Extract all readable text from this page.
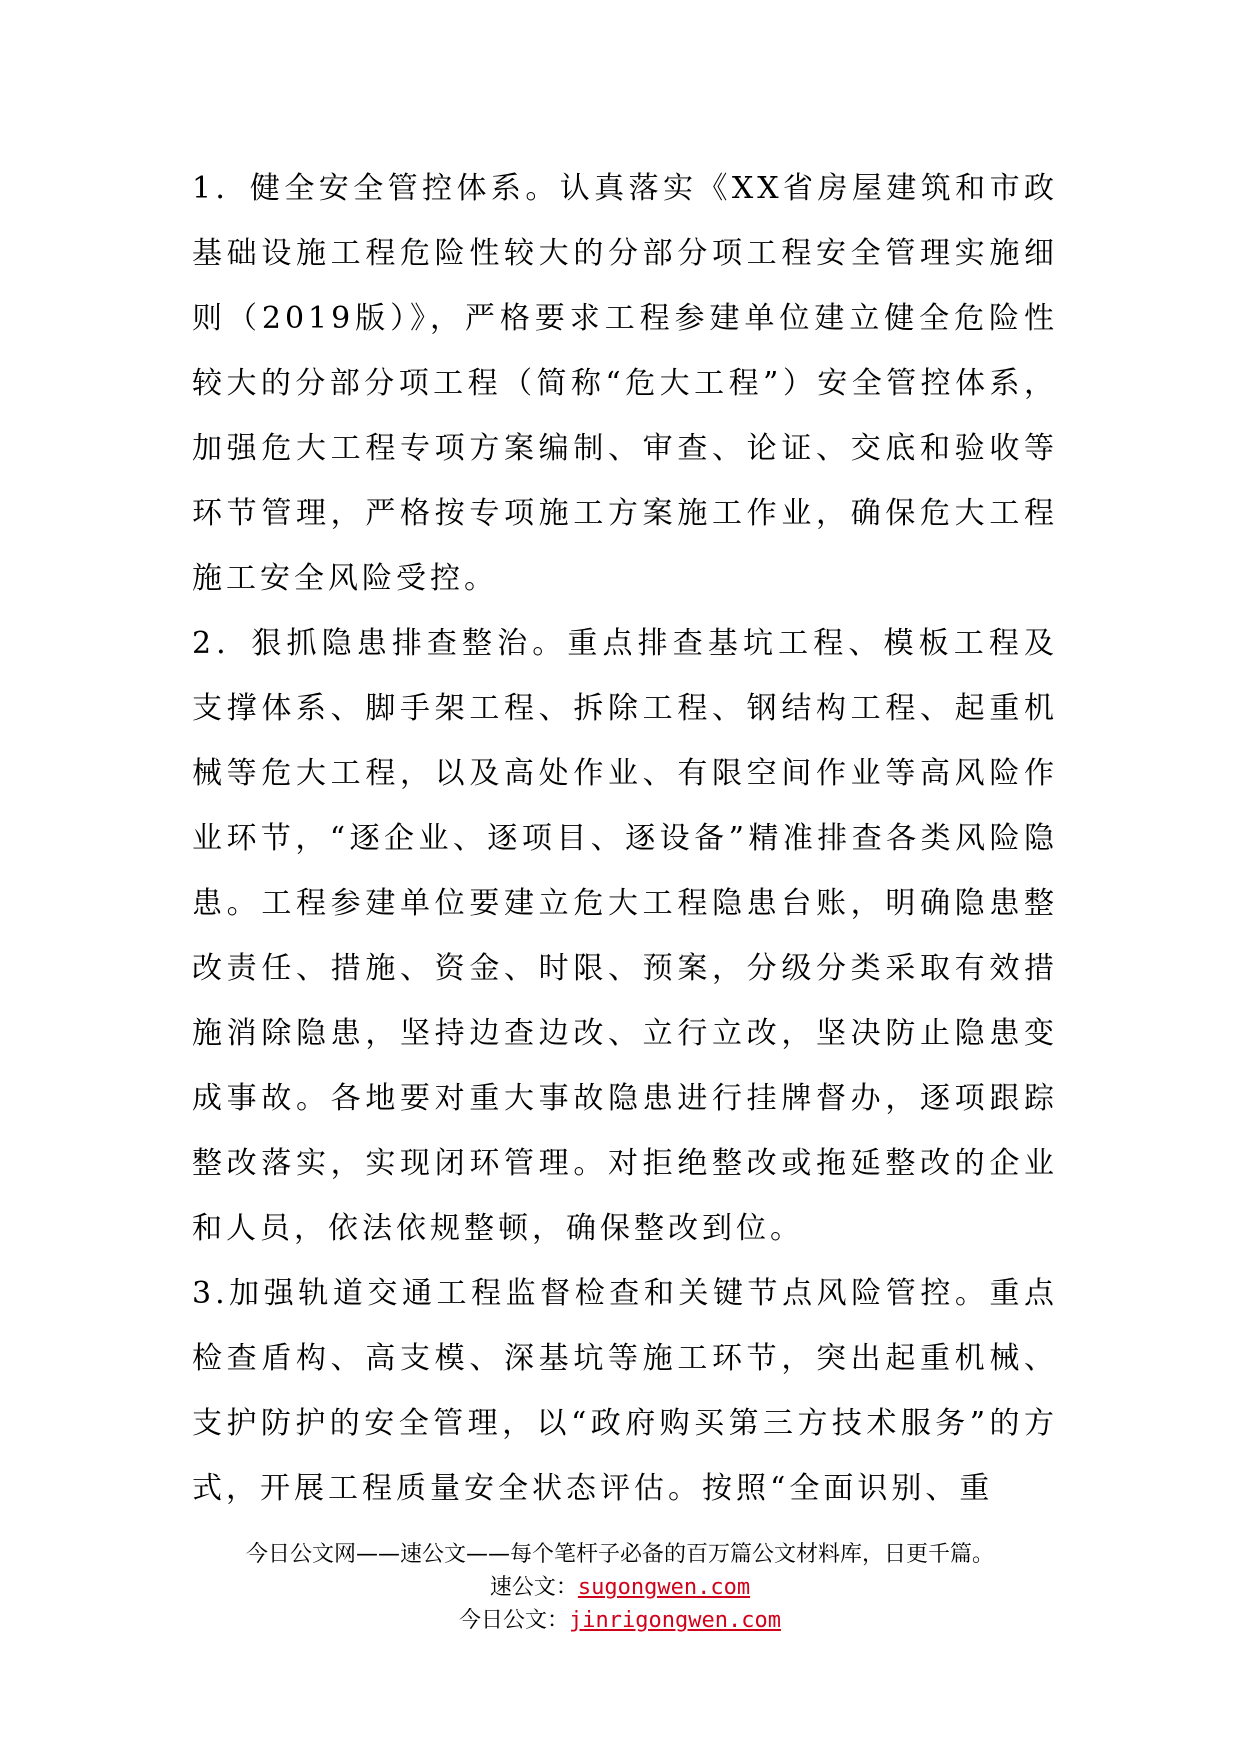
1．健全安全管控体系。认真落实《XX省房屋建筑和市政基础设施工程危险性较大的分部分项工程安全管理实施细则（2019版）》，严格要求工程参建单位建立健全危险性较大的分部分项工程（简称“危大工程”）安全管控体系，加强危大工程专项方案编制、审查、论证、交底和验收等环节管理，严格按专项施工方案施工作业，确保危大工程施工安全风险受控。

2．狠抓隐患排查整治。重点排查基坑工程、模板工程及支撑体系、脚手架工程、拆除工程、钢结构工程、起重机械等危大工程，以及高处作业、有限空间作业等高风险作业环节，“逐企业、逐项目、逐设备”精准排查各类风险隐患。工程参建单位要建立危大工程隐患台账，明确隐患整改责任、措施、资金、时限、预案，分级分类采取有效措施消除隐患，坚持边查边改、立行立改，坚决防止隐患变成事故。各地要对重大事故隐患进行挂牌督办，逐项跟踪整改落实，实现闭环管理。对拒绝整改或拖延整改的企业和人员，依法依规整顿，确保整改到位。

3.加强轨道交通工程监督检查和关键节点风险管控。重点检查盾构、高支模、深基坑等施工环节，突出起重机械、支护防护的安全管理，以“政府购买第三方技术服务”的方式，开展工程质量安全状态评估。按照“全面识别、重

今日公文网——速公文——每个笔杆子必备的百万篇公文材料库，日更千篇。
速公文：sugongwen.com
今日公文：jinrigongwen.com
